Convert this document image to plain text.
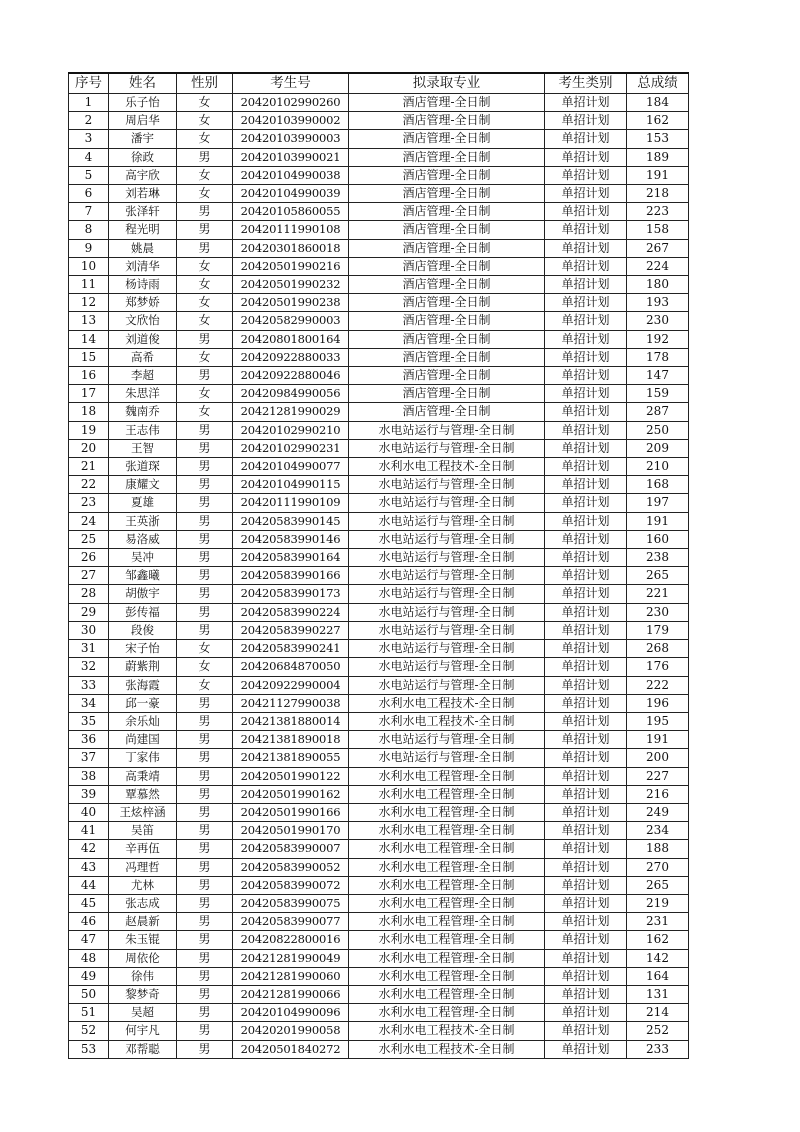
序号	姓名	性别	考生号	拟录取专业	考生类别	总成绩
1	乐子怡	女	20420102990260	酒店管理-全日制	单招计划	184
2	周启华	女	20420103990002	酒店管理-全日制	单招计划	162
3	潘宇	女	20420103990003	酒店管理-全日制	单招计划	153
4	徐政	男	20420103990021	酒店管理-全日制	单招计划	189
5	高宇欣	女	20420104990038	酒店管理-全日制	单招计划	191
6	刘若琳	女	20420104990039	酒店管理-全日制	单招计划	218
7	张泽轩	男	20420105860055	酒店管理-全日制	单招计划	223
8	程光明	男	20420111990108	酒店管理-全日制	单招计划	158
9	姚晨	男	20420301860018	酒店管理-全日制	单招计划	267
10	刘清华	女	20420501990216	酒店管理-全日制	单招计划	224
11	杨诗雨	女	20420501990232	酒店管理-全日制	单招计划	180
12	郑梦娇	女	20420501990238	酒店管理-全日制	单招计划	193
13	文欣怡	女	20420582990003	酒店管理-全日制	单招计划	230
14	刘道俊	男	20420801800164	酒店管理-全日制	单招计划	192
15	高希	女	20420922880033	酒店管理-全日制	单招计划	178
16	李超	男	20420922880046	酒店管理-全日制	单招计划	147
17	朱思洋	女	20420984990056	酒店管理-全日制	单招计划	159
18	魏南乔	女	20421281990029	酒店管理-全日制	单招计划	287
19	王志伟	男	20420102990210	水电站运行与管理-全日制	单招计划	250
20	王智	男	20420102990231	水电站运行与管理-全日制	单招计划	209
21	张道琛	男	20420104990077	水利水电工程技术-全日制	单招计划	210
22	康耀文	男	20420104990115	水电站运行与管理-全日制	单招计划	168
23	夏雄	男	20420111990109	水电站运行与管理-全日制	单招计划	197
24	王英浙	男	20420583990145	水电站运行与管理-全日制	单招计划	191
25	易洛威	男	20420583990146	水电站运行与管理-全日制	单招计划	160
26	吴冲	男	20420583990164	水电站运行与管理-全日制	单招计划	238
27	邹鑫曦	男	20420583990166	水电站运行与管理-全日制	单招计划	265
28	胡傲宇	男	20420583990173	水电站运行与管理-全日制	单招计划	221
29	彭传福	男	20420583990224	水电站运行与管理-全日制	单招计划	230
30	段俊	男	20420583990227	水电站运行与管理-全日制	单招计划	179
31	宋子怡	女	20420583990241	水电站运行与管理-全日制	单招计划	268
32	蔚紫荆	女	20420684870050	水电站运行与管理-全日制	单招计划	176
33	张海霞	女	20420922990004	水电站运行与管理-全日制	单招计划	222
34	邱一豪	男	20421127990038	水利水电工程技术-全日制	单招计划	196
35	余乐灿	男	20421381880014	水利水电工程技术-全日制	单招计划	195
36	尚建国	男	20421381890018	水电站运行与管理-全日制	单招计划	191
37	丁家伟	男	20421381890055	水电站运行与管理-全日制	单招计划	200
38	高秉靖	男	20420501990122	水利水电工程管理-全日制	单招计划	227
39	覃慕然	男	20420501990162	水利水电工程管理-全日制	单招计划	216
40	王炫梓涵	男	20420501990166	水利水电工程管理-全日制	单招计划	249
41	吴笛	男	20420501990170	水利水电工程管理-全日制	单招计划	234
42	辛再伍	男	20420583990007	水利水电工程管理-全日制	单招计划	188
43	冯理哲	男	20420583990052	水利水电工程管理-全日制	单招计划	270
44	尤林	男	20420583990072	水利水电工程管理-全日制	单招计划	265
45	张志成	男	20420583990075	水利水电工程管理-全日制	单招计划	219
46	赵晨新	男	20420583990077	水利水电工程管理-全日制	单招计划	231
47	朱玉锟	男	20420822800016	水利水电工程管理-全日制	单招计划	162
48	周依伦	男	20421281990049	水利水电工程管理-全日制	单招计划	142
49	徐伟	男	20421281990060	水利水电工程管理-全日制	单招计划	164
50	黎梦奇	男	20421281990066	水利水电工程管理-全日制	单招计划	131
51	吴超	男	20420104990096	水利水电工程管理-全日制	单招计划	214
52	何宇凡	男	20420201990058	水利水电工程技术-全日制	单招计划	252
53	邓帮聪	男	20420501840272	水利水电工程技术-全日制	单招计划	233
